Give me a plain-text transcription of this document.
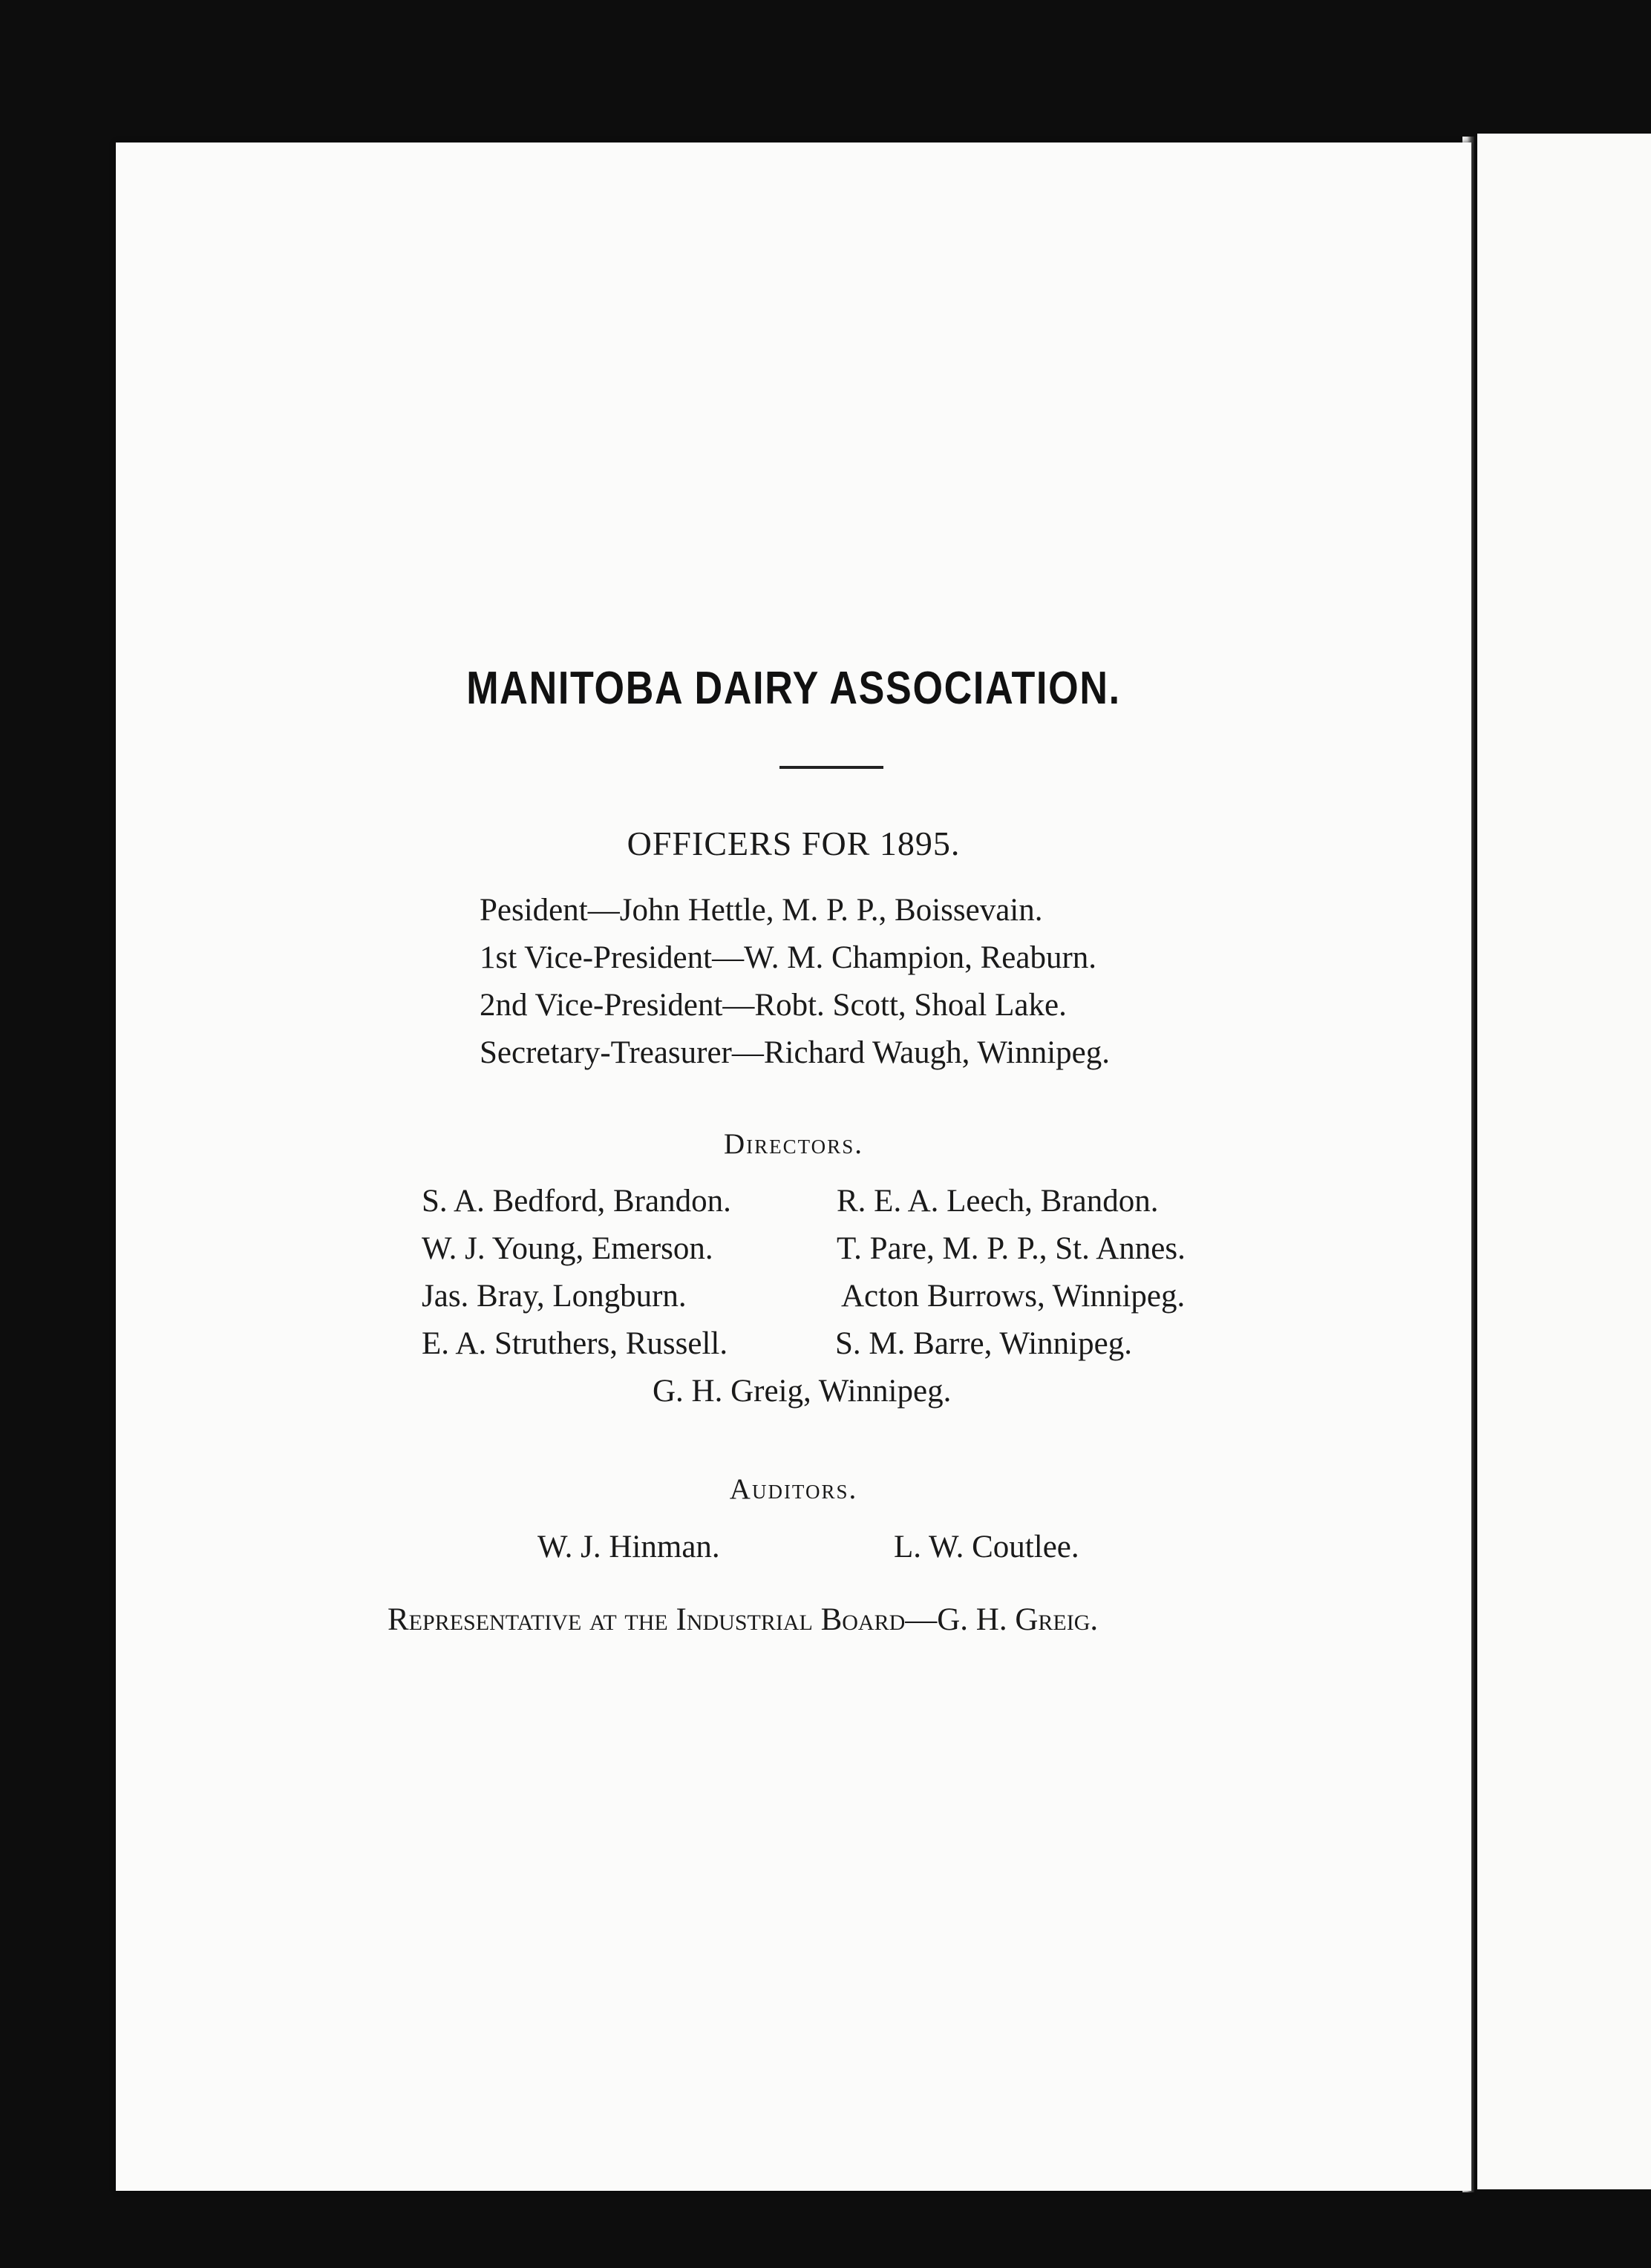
MANITOBA DAIRY ASSOCIATION.
OFFICERS FOR 1895.
Pesident—John Hettle, M. P. P., Boissevain.
1st Vice-President—W. M. Champion, Reaburn.
2nd Vice-President—Robt. Scott, Shoal Lake.
Secretary-Treasurer—Richard Waugh, Winnipeg.
Directors.
S. A. Bedford, Brandon.	R. E. A. Leech, Brandon.
W. J. Young, Emerson.	T. Pare, M. P. P., St. Annes.
Jas. Bray, Longburn.	Acton Burrows, Winnipeg.
E. A. Struthers, Russell.	S. M. Barre, Winnipeg.
G. H. Greig, Winnipeg.
Auditors.
W. J. Hinman.	L. W. Coutlee.
Representative at the Industrial Board—G. H. Greig.
